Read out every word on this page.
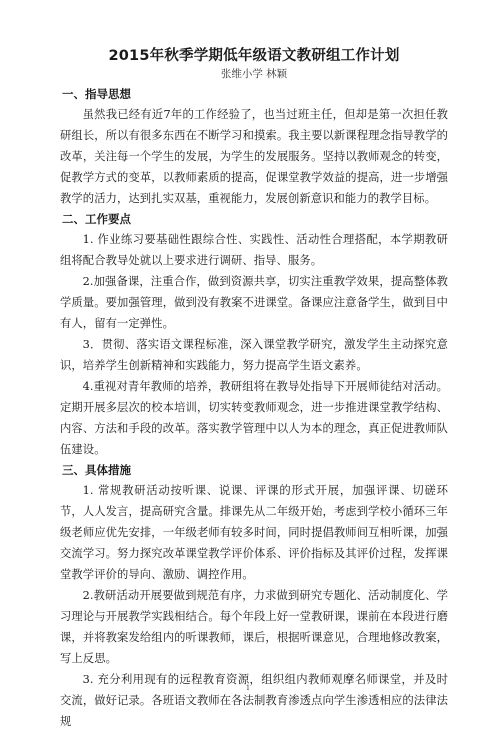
2015年秋季学期低年级语文教研组工作计划
张维小学 林颖
一、指导思想

虽然我已经有近7年的工作经验了，也当过班主任，但却是第一次担任教研组长，所以有很多东西在不断学习和摸索。我主要以新课程理念指导教学的改革，关注每一个学生的发展，为学生的发展服务。坚持以教师观念的转变，促教学方式的变革，以教师素质的提高，促课堂教学效益的提高，进一步增强教学的活力，达到扎实双基，重视能力，发展创新意识和能力的教学目标。

二、工作要点

1. 作业练习要基础性跟综合性、实践性、活动性合理搭配，本学期教研组将配合教导处就以上要求进行调研、指导、服务。

2.加强备课，注重合作，做到资源共享，切实注重教学效果，提高整体教学质量。要加强管理，做到没有教案不进课堂。备课应注意备学生，做到目中有人，留有一定弹性。

3．贯彻、落实语文课程标准，深入课堂教学研究，激发学生主动探究意识，培养学生创新精神和实践能力，努力提高学生语文素养。

4.重视对青年教师的培养，教研组将在教导处指导下开展师徒结对活动。定期开展多层次的校本培训，切实转变教师观念，进一步推进课堂教学结构、内容、方法和手段的改革。落实教学管理中以人为本的理念，真正促进教师队伍建设。

三、具体措施

1. 常规教研活动按听课、说课、评课的形式开展，加强评课、切磋环节，人人发言，提高研究含量。排课先从二年级开始，考虑到学校小循环三年级老师应优先安排，一年级老师有较多时间，同时提倡教师间互相听课，加强交流学习。努力探究改革课堂教学评价体系、评价指标及其评价过程，发挥课堂教学评价的导向、激励、调控作用。

2.教研活动开展要做到规范有序，力求做到研究专题化、活动制度化、学习理论与开展教学实践相结合。每个年段上好一堂教研课，课前在本段进行磨课，并将教案发给组内的听课教师，课后，根据听课意见，合理地修改教案，写上反思。

3. 充分利用现有的远程教育资源，组织组内教师观摩名师课堂，并及时交流，做好记录。各班语文教师在各法制教育渗透点向学生渗透相应的法律法规

1
